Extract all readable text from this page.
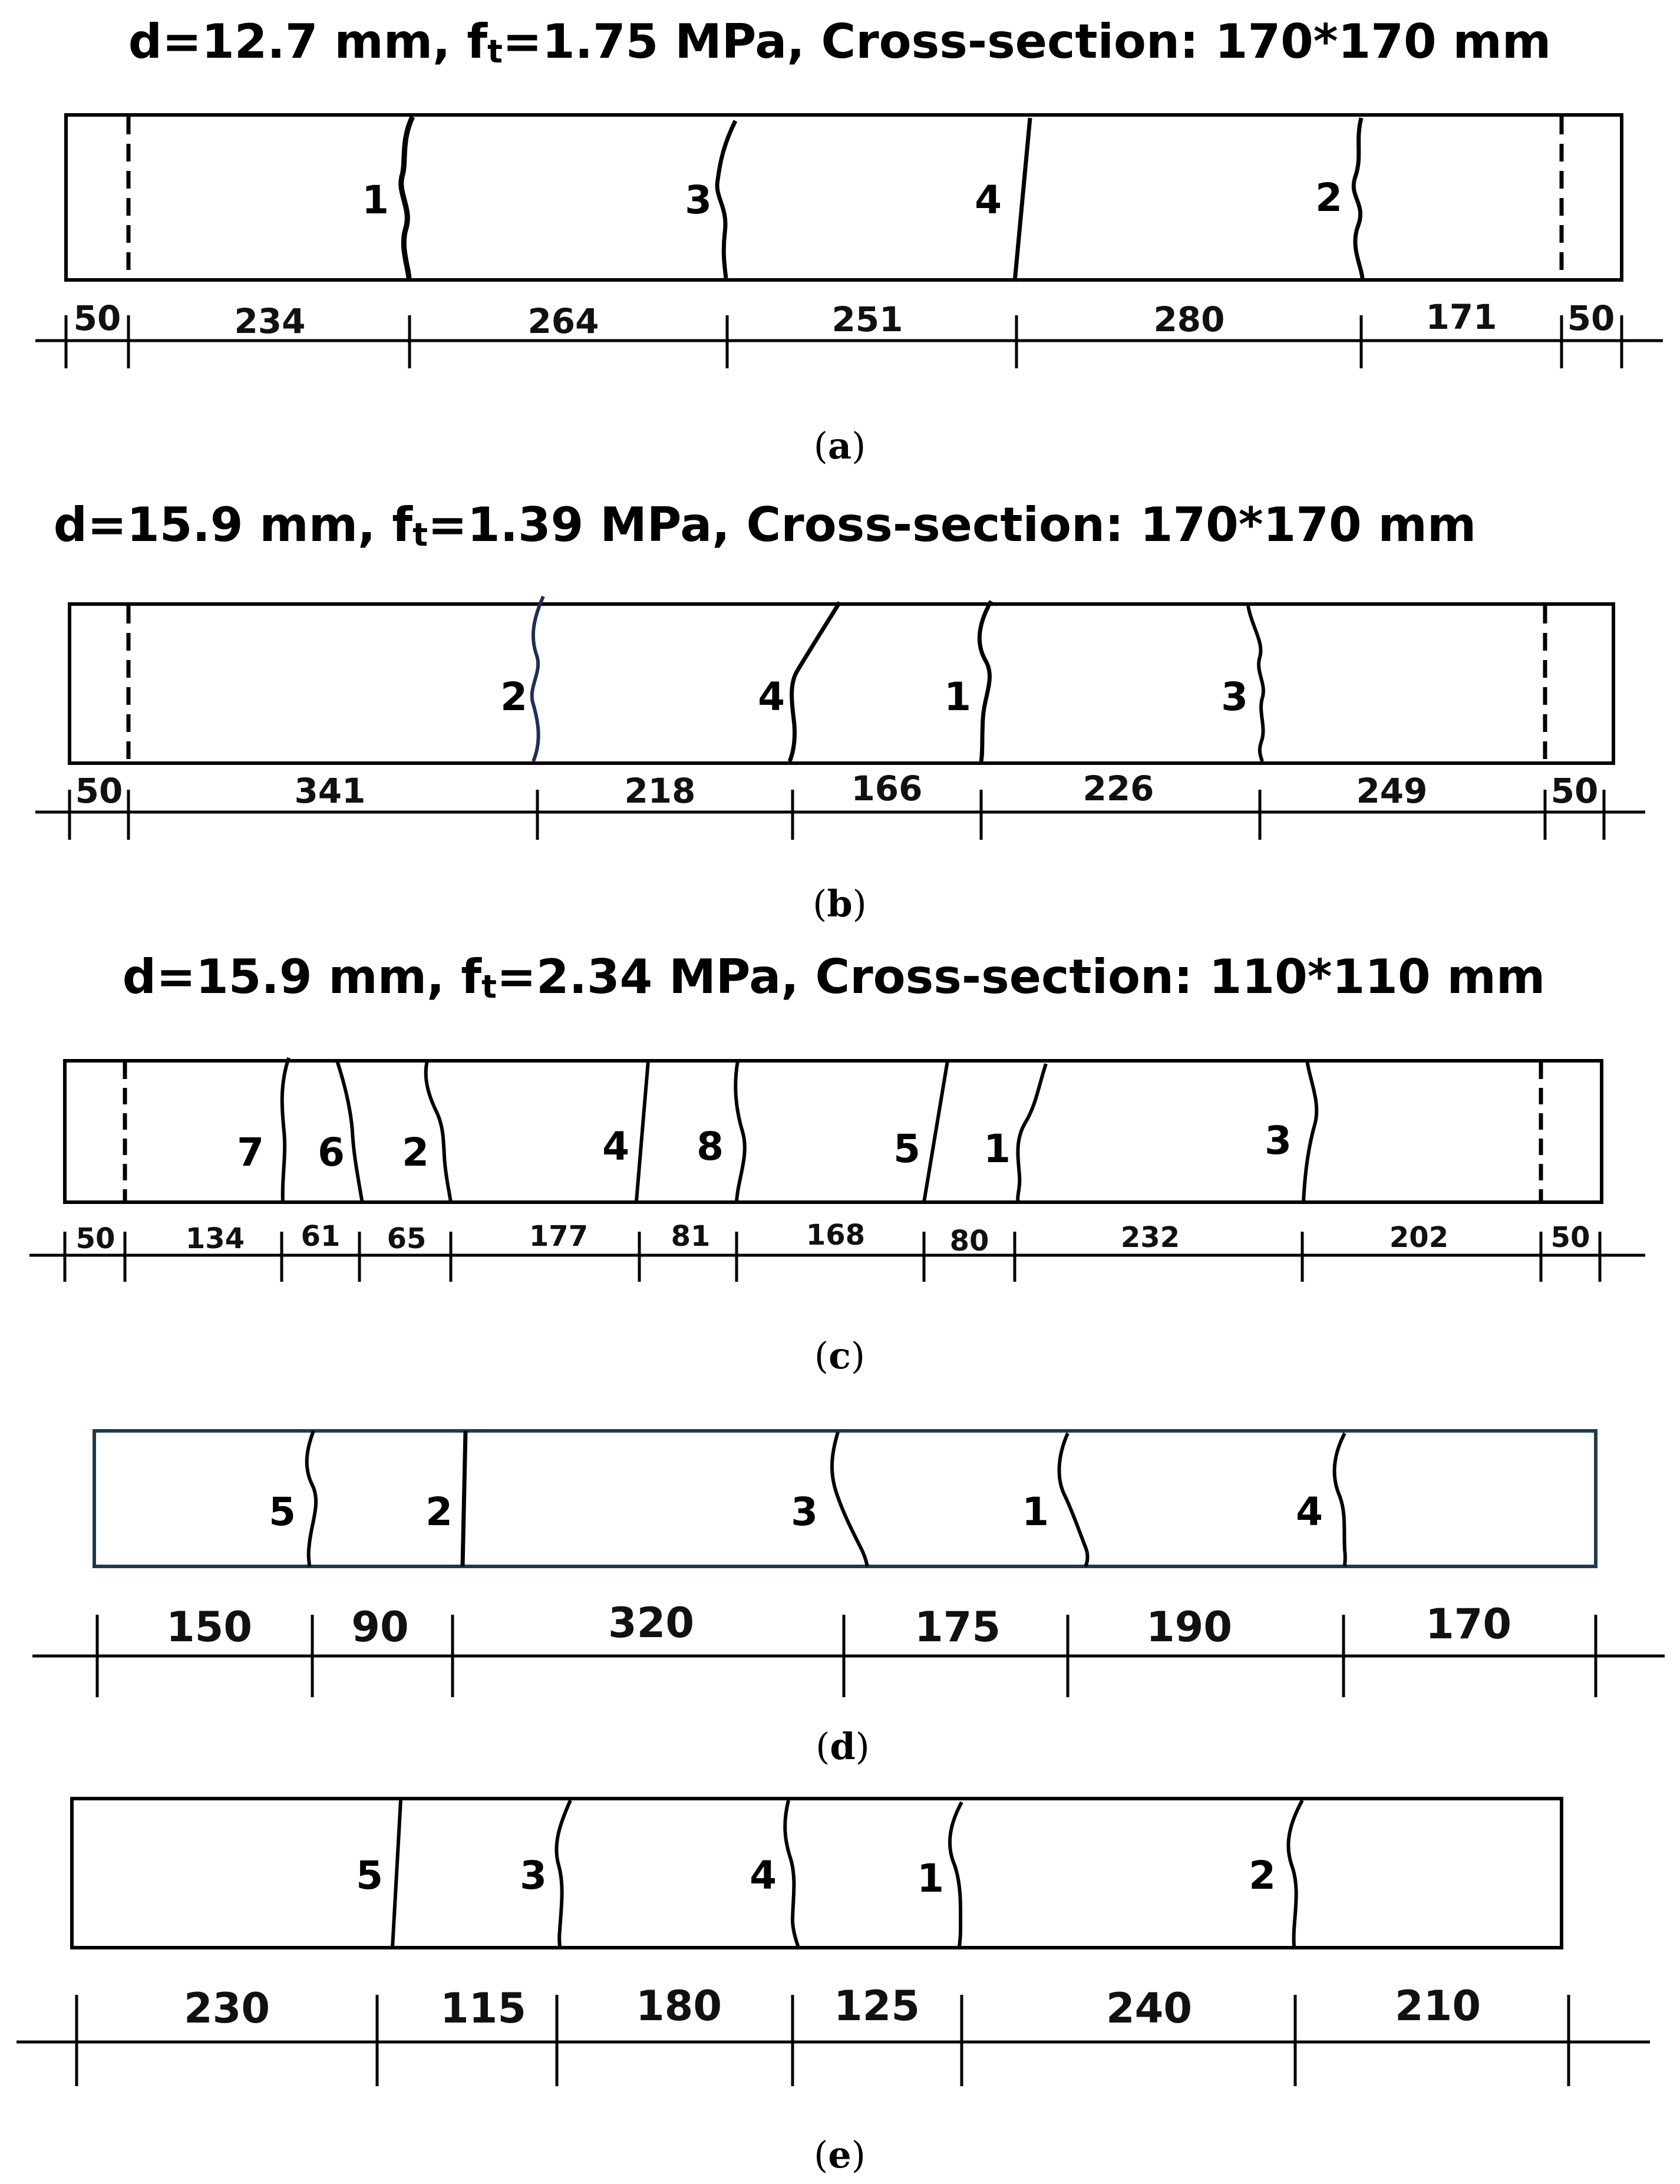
d=12.7 mm, ft=1.75 MPa, Cross-section: 170*170 mm
1	3	4	2
50	234	264	251	280	171 50
(a)
d=15.9 mm, ft=1.39 MPa, Cross-section: 170*170 mm
2	4	1	3
50	341	218	166	226	249	50
(b)
d=15.9 mm, ft=2.34 MPa, Cross-section: 110*110 mm
7 6 2	4 8	5 1	3
50 134 61 65	177	81	168	80	232	202	50
(c)
5	2	3	1	4
150 90	320	175	190	170
(d)
5	3	4	1	2
230	115	180	125	240	210
(e)
